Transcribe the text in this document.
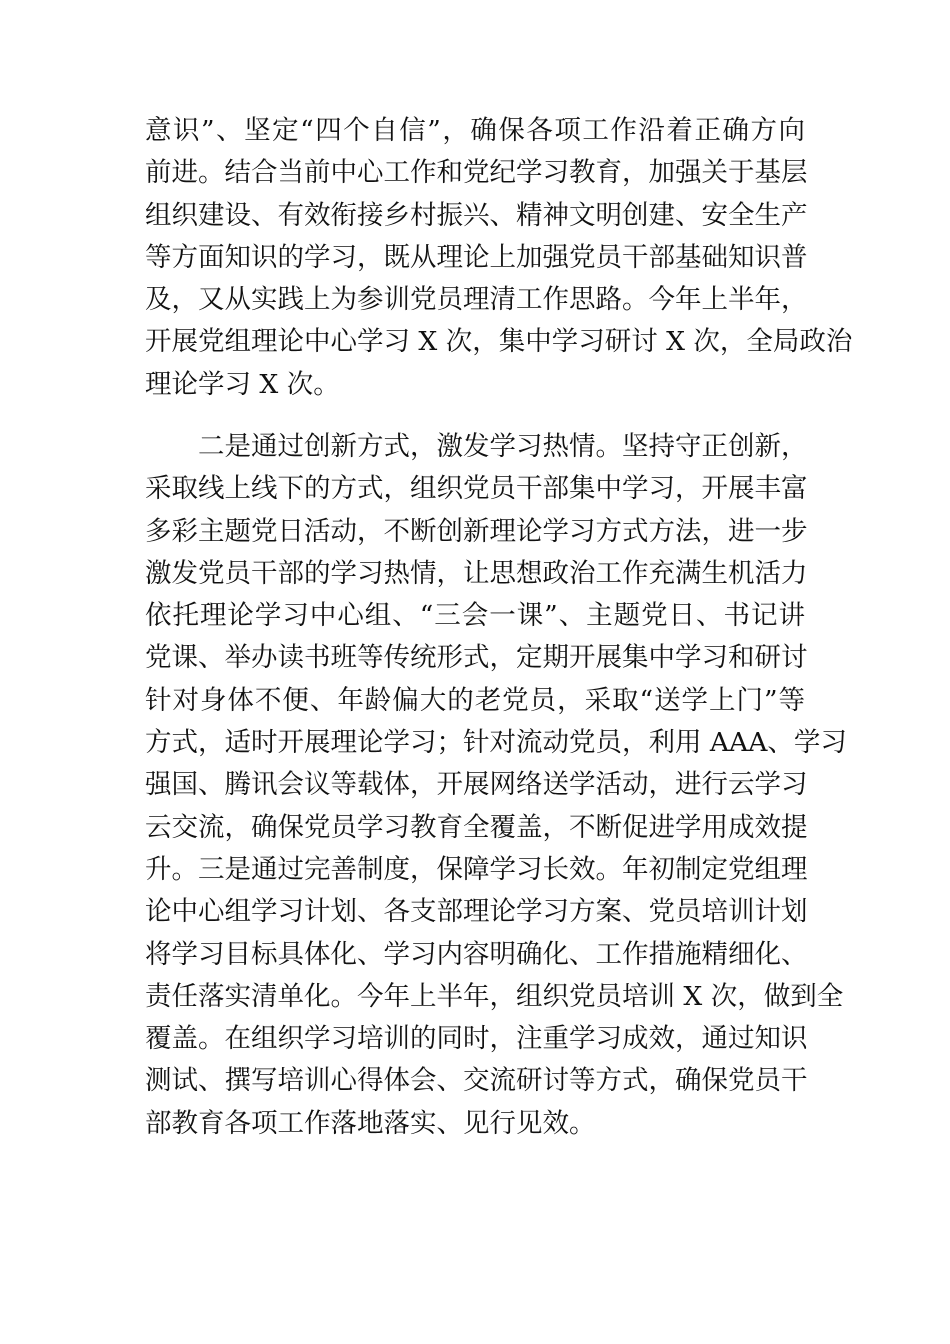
意识”、坚定“四个自信”，确保各项工作沿着正确方向
前进。结合当前中心工作和党纪学习教育，加强关于基层
组织建设、有效衔接乡村振兴、精神文明创建、安全生产
等方面知识的学习，既从理论上加强党员干部基础知识普
及，又从实践上为参训党员理清工作思路。今年上半年，
开展党组理论中心学习 X 次，集中学习研讨 X 次，全局政治
理论学习 X 次。
二是通过创新方式，激发学习热情。坚持守正创新，
采取线上线下的方式，组织党员干部集中学习，开展丰富
多彩主题党日活动，不断创新理论学习方式方法，进一步
激发党员干部的学习热情，让思想政治工作充满生机活力
依托理论学习中心组、“三会一课”、主题党日、书记讲
党课、举办读书班等传统形式，定期开展集中学习和研讨
针对身体不便、年龄偏大的老党员，采取“送学上门”等
方式，适时开展理论学习；针对流动党员，利用 AAA、学习
强国、腾讯会议等载体，开展网络送学活动，进行云学习
云交流，确保党员学习教育全覆盖，不断促进学用成效提
升。三是通过完善制度，保障学习长效。年初制定党组理
论中心组学习计划、各支部理论学习方案、党员培训计划
将学习目标具体化、学习内容明确化、工作措施精细化、
责任落实清单化。今年上半年，组织党员培训 X 次，做到全
覆盖。在组织学习培训的同时，注重学习成效，通过知识
测试、撰写培训心得体会、交流研讨等方式，确保党员干
部教育各项工作落地落实、见行见效。
